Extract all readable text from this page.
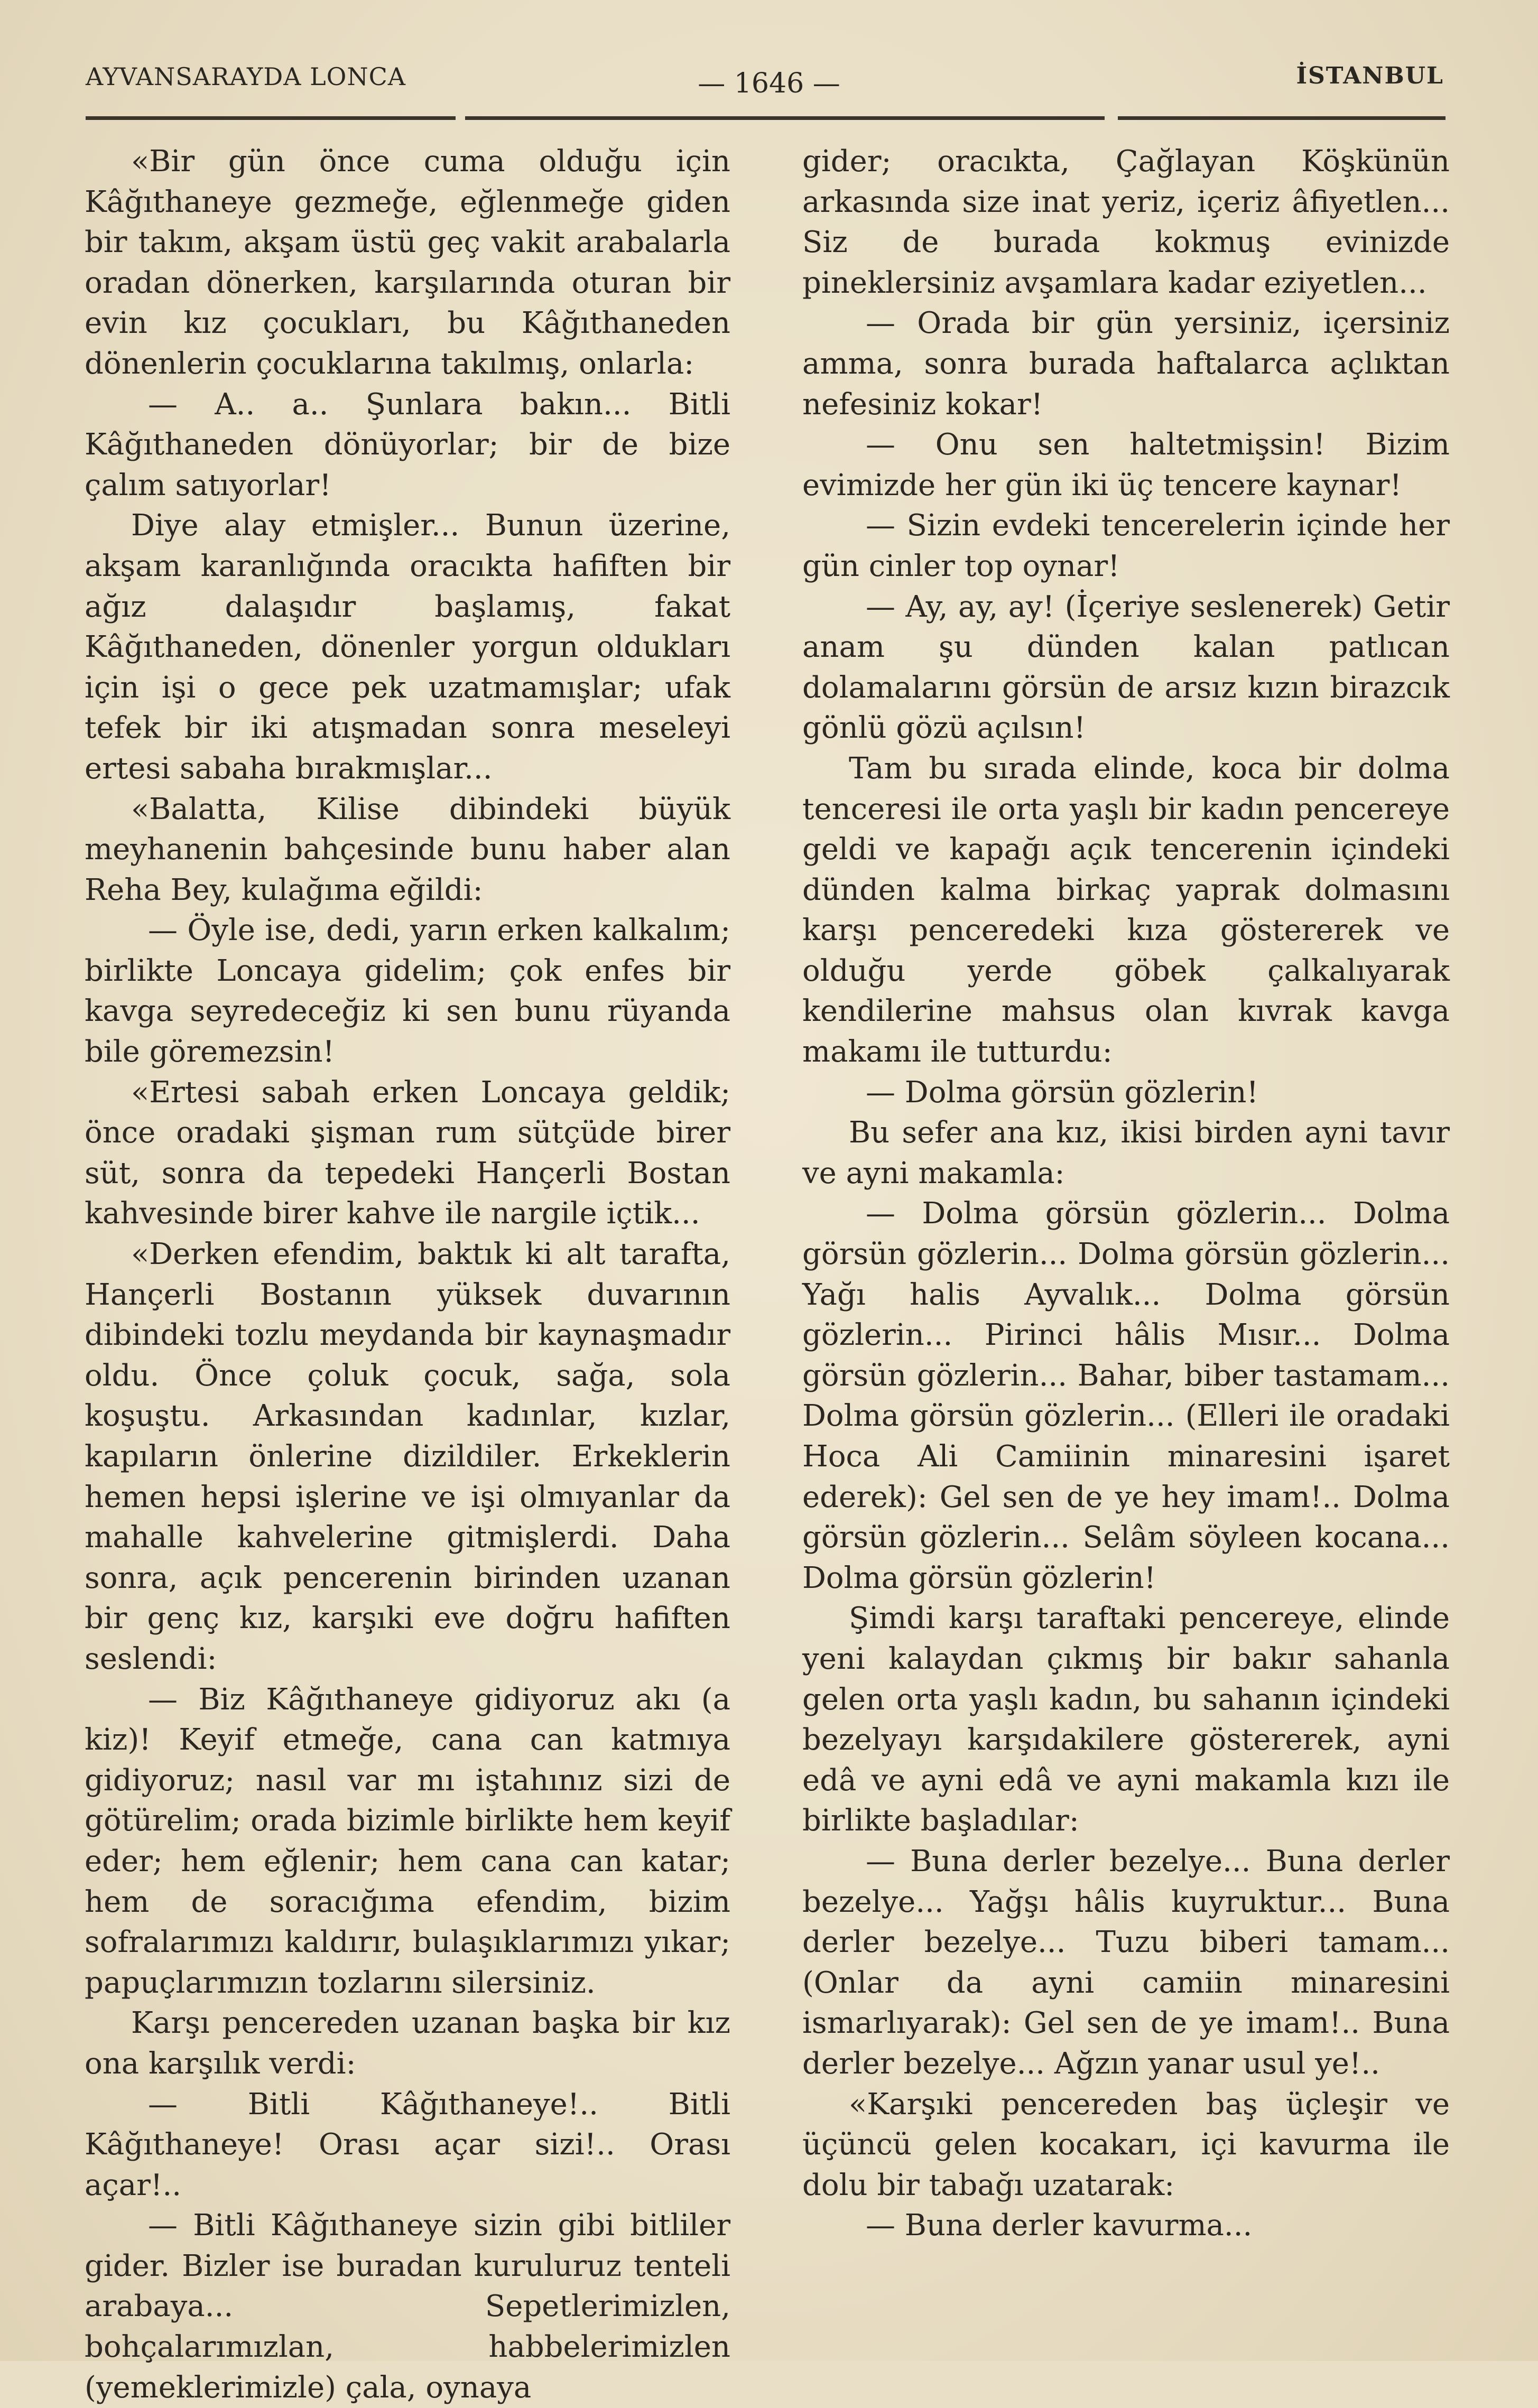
AYVANSARAYDA LONCA	— 1646 —	İSTANBUL

«Bir gün önce cuma olduğu için Kâğıthaneye gezmeğe, eğlenmeğe giden bir takım, akşam üstü geç vakit arabalarla oradan dönerken, karşılarında oturan bir evin kız çocukları, bu Kâğıthaneden dönenlerin çocuklarına takılmış, onlarla:

— A.. a.. Şunlara bakın... Bitli Kâğıthaneden dönüyorlar; bir de bize çalım satıyorlar!

Diye alay etmişler... Bunun üzerine, akşam karanlığında oracıkta hafiften bir ağız dalaşıdır başlamış, fakat Kâğıthaneden, dönenler yorgun oldukları için işi o gece pek uzatmamışlar; ufak tefek bir iki atışmadan sonra meseleyi ertesi sabaha bırakmışlar...

«Balatta, Kilise dibindeki büyük meyhanenin bahçesinde bunu haber alan Reha Bey, kulağıma eğildi:

— Öyle ise, dedi, yarın erken kalkalım; birlikte Loncaya gidelim; çok enfes bir kavga seyredeceğiz ki sen bunu rüyanda bile göremezsin!

«Ertesi sabah erken Loncaya geldik; önce oradaki şişman rum sütçüde birer süt, sonra da tepedeki Hançerli Bostan kahvesinde birer kahve ile nargile içtik...

«Derken efendim, baktık ki alt tarafta, Hançerli Bostanın yüksek duvarının dibindeki tozlu meydanda bir kaynaşmadır oldu. Önce çoluk çocuk, sağa, sola koşuştu. Arkasından kadınlar, kızlar, kapıların önlerine dizildiler. Erkeklerin hemen hepsi işlerine ve işi olmıyanlar da mahalle kahvelerine gitmişlerdi. Daha sonra, açık pencerenin birinden uzanan bir genç kız, karşıki eve doğru hafiften seslendi:

— Biz Kâğıthaneye gidiyoruz akı (a kiz)! Keyif etmeğe, cana can katmıya gidiyoruz; nasıl var mı iştahınız sizi de götürelim; orada bizimle birlikte hem keyif eder; hem eğlenir; hem cana can katar; hem de soracığıma efendim, bizim sofralarımızı kaldırır, bulaşıklarımızı yıkar; papuçlarımızın tozlarını silersiniz.

Karşı pencereden uzanan başka bir kız ona karşılık verdi:

— Bitli Kâğıthaneye!.. Bitli Kâğıthaneye! Orası açar sizi!.. Orası açar!..

— Bitli Kâğıthaneye sizin gibi bitliler gider. Bizler ise buradan kuruluruz tenteli arabaya... Sepetlerimizlen, bohçalarımızlan, habbelerimizlen (yemeklerimizle) çala, oynaya

gider; oracıkta, Çağlayan Köşkünün arkasında size inat yeriz, içeriz âfiyetlen... Siz de burada kokmuş evinizde pineklersiniz avşamlara kadar eziyetlen...

— Orada bir gün yersiniz, içersiniz amma, sonra burada haftalarca açlıktan nefesiniz kokar!

— Onu sen haltetmişsin! Bizim evimizde her gün iki üç tencere kaynar!

— Sizin evdeki tencerelerin içinde her gün cinler top oynar!

— Ay, ay, ay! (İçeriye seslenerek) Getir anam şu dünden kalan patlıcan dolamalarını görsün de arsız kızın birazcık gönlü gözü açılsın!

Tam bu sırada elinde, koca bir dolma tenceresi ile orta yaşlı bir kadın pencereye geldi ve kapağı açık tencerenin içindeki dünden kalma birkaç yaprak dolmasını karşı penceredeki kıza göstererek ve olduğu yerde göbek çalkalıyarak kendilerine mahsus olan kıvrak kavga makamı ile tutturdu:

— Dolma görsün gözlerin!

Bu sefer ana kız, ikisi birden ayni tavır ve ayni makamla:

— Dolma görsün gözlerin... Dolma görsün gözlerin... Dolma görsün gözlerin... Yağı halis Ayvalık... Dolma görsün gözlerin... Pirinci hâlis Mısır... Dolma görsün gözlerin... Bahar, biber tastamam... Dolma görsün gözlerin... (Elleri ile oradaki Hoca Ali Camiinin minaresini işaret ederek): Gel sen de ye hey imam!.. Dolma görsün gözlerin... Selâm söyleen kocana... Dolma görsün gözlerin!

Şimdi karşı taraftaki pencereye, elinde yeni kalaydan çıkmış bir bakır sahanla gelen orta yaşlı kadın, bu sahanın içindeki bezelyayı karşıdakilere göstererek, ayni edâ ve ayni edâ ve ayni makamla kızı ile birlikte başladılar:

— Buna derler bezelye... Buna derler bezelye... Yağşı hâlis kuyruktur... Buna derler bezelye... Tuzu biberi tamam... (Onlar da ayni camiin minaresini ismarlıyarak): Gel sen de ye imam!.. Buna derler bezelye... Ağzın yanar usul ye!..

«Karşıki pencereden baş üçleşir ve üçüncü gelen kocakarı, içi kavurma ile dolu bir tabağı uzatarak:

— Buna derler kavurma...
